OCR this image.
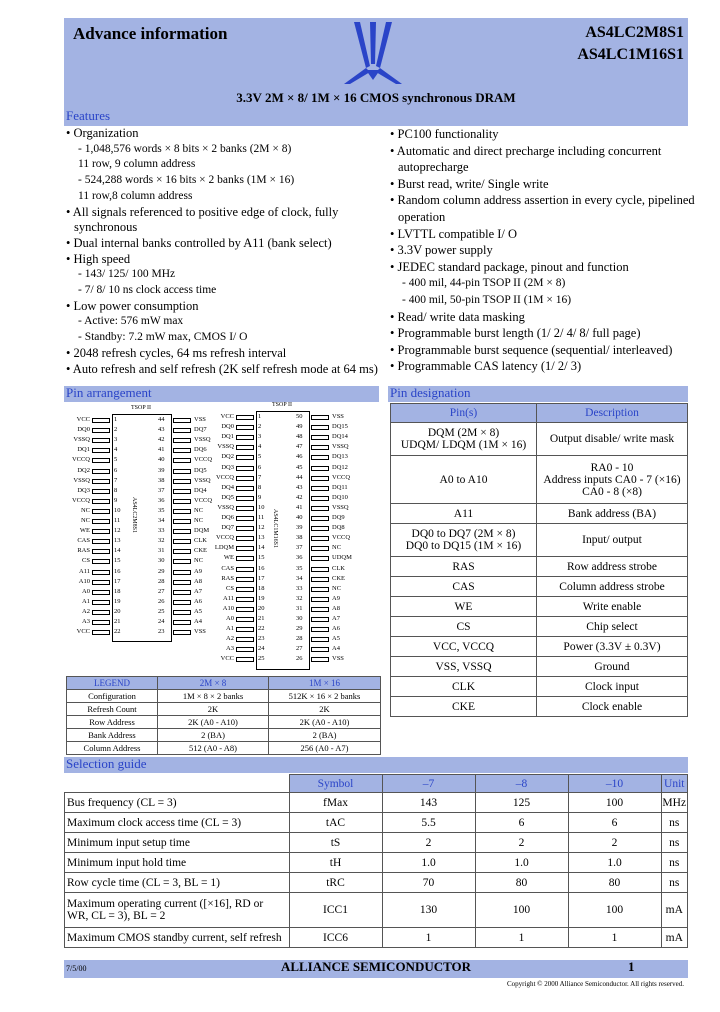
Advance information	AS4LC2M8S1
AS4LC1M16S1
3.3V 2M × 8/ 1M × 16 CMOS synchronous DRAM
Features
• Organization
- 1,048,576 words × 8 bits × 2 banks (2M × 8)
11 row, 9 column address
- 524,288 words × 16 bits × 2 banks (1M × 16)
11 row,8 column address
• All signals referenced to positive edge of clock, fully
synchronous
• Dual internal banks controlled by A11 (bank select)
• High speed
- 143/ 125/ 100 MHz
- 7/ 8/ 10 ns clock access time
• Low power consumption
- Active: 576 mW max
- Standby: 7.2 mW max, CMOS I/ O
• 2048 refresh cycles, 64 ms refresh interval
• Auto refresh and self refresh (2K self refresh mode at 64 ms)
• PC100 functionality
• Automatic and direct precharge including concurrent
autoprecharge
• Burst read, write/ Single write
• Random column address assertion in every cycle, pipelined
operation
• LVTTL compatible I/ O
• 3.3V power supply
• JEDEC standard package, pinout and function
- 400 mil, 44-pin TSOP II (2M × 8)
- 400 mil, 50-pin TSOP II (1M × 16)
• Read/ write data masking
• Programmable burst length (1/ 2/ 4/ 8/ full page)
• Programmable burst sequence (sequential/ interleaved)
• Programmable CAS latency (1/ 2/ 3)
Pin arrangement
TSOP II
AS4LC2M8S1
VCC	1	44	VSS
DQ0	2	43	DQ7
VSSQ	3	42	VSSQ
DQ1	4	41	DQ6
VCCQ	5	40	VCCQ
DQ2	6	39	DQ5
VSSQ	7	38	VSSQ
DQ3	8	37	DQ4
VCCQ	9	36	VCCQ
NC	10	35	NC
NC	11	34	NC
WE	12	33	DQM
CAS	13	32	CLK
RAS	14	31	CKE
CS	15	30	NC
A11	16	29	A9
A10	17	28	A8
A0	18	27	A7
A1	19	26	A6
A2	20	25	A5
A3	21	24	A4
VCC	22	23	VSS
TSOP II
AS4LC1M16S1
VCC	1	50	VSS
DQ0	2	49	DQ15
DQ1	3	48	DQ14
VSSQ	4	47	VSSQ
DQ2	5	46	DQ13
DQ3	6	45	DQ12
VCCQ	7	44	VCCQ
DQ4	8	43	DQ11
DQ5	9	42	DQ10
VSSQ	10	41	VSSQ
DQ6	11	40	DQ9
DQ7	12	39	DQ8
VCCQ	13	38	VCCQ
LDQM	14	37	NC
WE	15	36	UDQM
CAS	16	35	CLK
RAS	17	34	CKE
CS	18	33	NC
A11	19	32	A9
A10	20	31	A8
A0	21	30	A7
A1	22	29	A6
A2	23	28	A5
A3	24	27	A4
VCC	25	26	VSS
LEGEND	2M × 8	1M × 16
Configuration	1M × 8 × 2 banks	512K × 16 × 2 banks
Refresh Count	2K	2K
Row Address	2K (A0 - A10)	2K (A0 - A10)
Bank Address	2 (BA)	2 (BA)
Column Address	512 (A0 - A8)	256 (A0 - A7)
Pin designation
Pin(s)	Description
DQM (2M × 8)
UDQM/ LDQM (1M × 16)	Output disable/ write mask
A0 to A10	RA0 - 10
Address inputs CA0 - 7 (×16)
CA0 - 8 (×8)
A11	Bank address (BA)
DQ0 to DQ7 (2M × 8)
DQ0 to DQ15 (1M × 16)	Input/ output
RAS	Row address strobe
CAS	Column address strobe
WE	Write enable
CS	Chip select
VCC, VCCQ	Power (3.3V ± 0.3V)
VSS, VSSQ	Ground
CLK	Clock input
CKE	Clock enable
Selection guide
	Symbol	–7	–8	–10	Unit
Bus frequency (CL = 3)	fMax	143	125	100	MHz
Maximum clock access time (CL = 3)	tAC	5.5	6	6	ns
Minimum input setup time	tS	2	2	2	ns
Minimum input hold time	tH	1.0	1.0	1.0	ns
Row cycle time (CL = 3, BL = 1)	tRC	70	80	80	ns
Maximum operating current ([×16], RD or
WR, CL = 3), BL = 2	ICC1	130	100	100	mA
Maximum CMOS standby current, self refresh	ICC6	1	1	1	mA
7/5/00	ALLIANCE SEMICONDUCTOR	1
Copyright © 2000 Alliance Semiconductor. All rights reserved.
